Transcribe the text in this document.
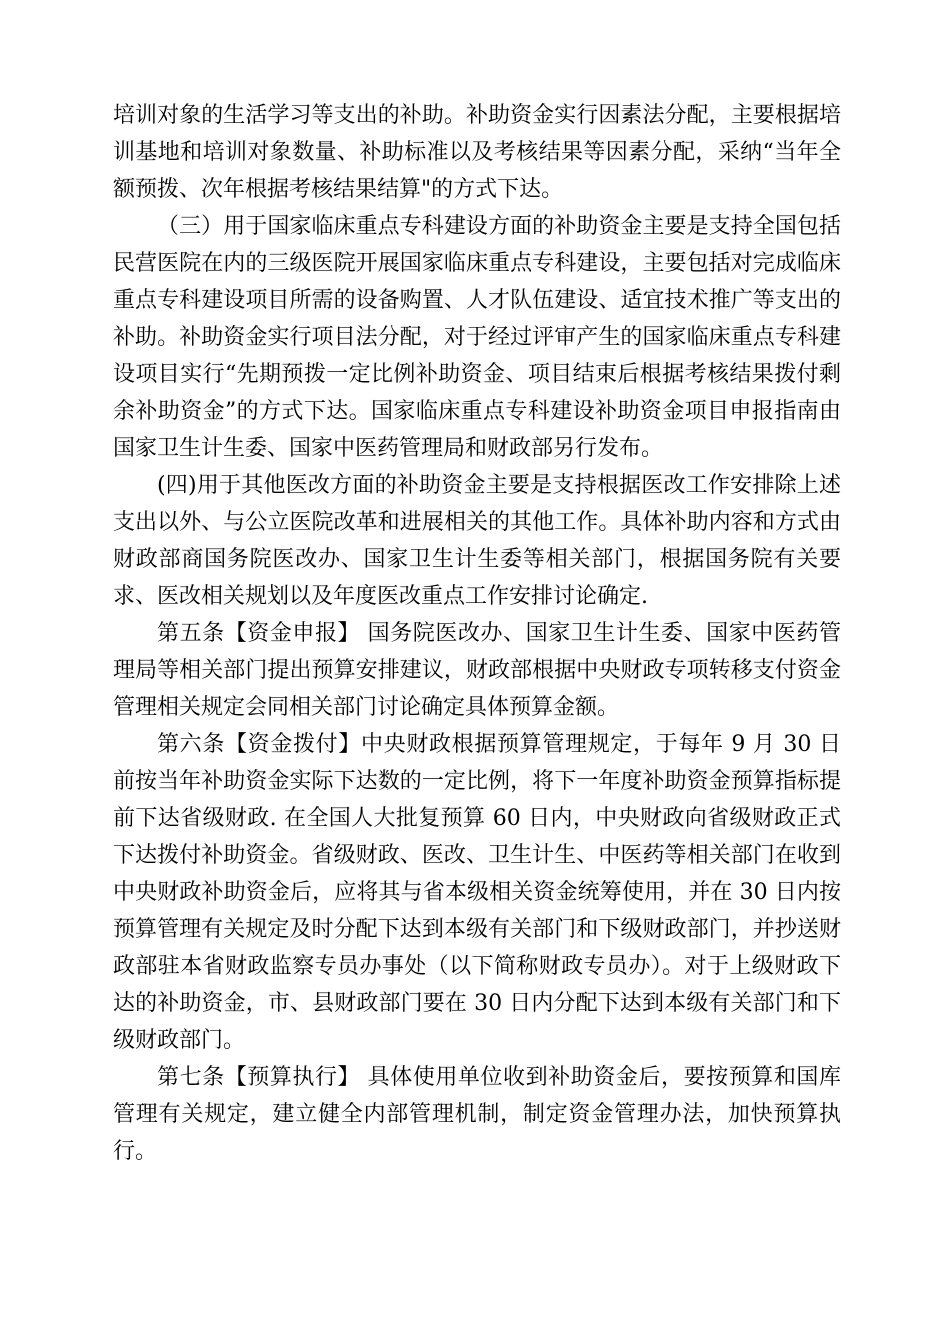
培训对象的生活学习等支出的补助。补助资金实行因素法分配，主要根据培训基地和培训对象数量、补助标准以及考核结果等因素分配，采纳“当年全额预拨、次年根据考核结果结算"的方式下达。

（三）用于国家临床重点专科建设方面的补助资金主要是支持全国包括民营医院在内的三级医院开展国家临床重点专科建设，主要包括对完成临床重点专科建设项目所需的设备购置、人才队伍建设、适宜技术推广等支出的补助。补助资金实行项目法分配，对于经过评审产生的国家临床重点专科建设项目实行“先期预拨一定比例补助资金、项目结束后根据考核结果拨付剩余补助资金”的方式下达。国家临床重点专科建设补助资金项目申报指南由国家卫生计生委、国家中医药管理局和财政部另行发布。

(四)用于其他医改方面的补助资金主要是支持根据医改工作安排除上述支出以外、与公立医院改革和进展相关的其他工作。具体补助内容和方式由财政部商国务院医改办、国家卫生计生委等相关部门，根据国务院有关要求、医改相关规划以及年度医改重点工作安排讨论确定.

第五条【资金申报】 国务院医改办、国家卫生计生委、国家中医药管理局等相关部门提出预算安排建议，财政部根据中央财政专项转移支付资金管理相关规定会同相关部门讨论确定具体预算金额。

第六条【资金拨付】中央财政根据预算管理规定，于每年 9 月 30 日前按当年补助资金实际下达数的一定比例，将下一年度补助资金预算指标提前下达省级财政. 在全国人大批复预算 60 日内，中央财政向省级财政正式下达拨付补助资金。省级财政、医改、卫生计生、中医药等相关部门在收到中央财政补助资金后，应将其与省本级相关资金统筹使用，并在 30 日内按预算管理有关规定及时分配下达到本级有关部门和下级财政部门，并抄送财政部驻本省财政监察专员办事处（以下简称财政专员办）。对于上级财政下达的补助资金，市、县财政部门要在 30 日内分配下达到本级有关部门和下级财政部门。

第七条【预算执行】 具体使用单位收到补助资金后，要按预算和国库管理有关规定，建立健全内部管理机制，制定资金管理办法，加快预算执行。
